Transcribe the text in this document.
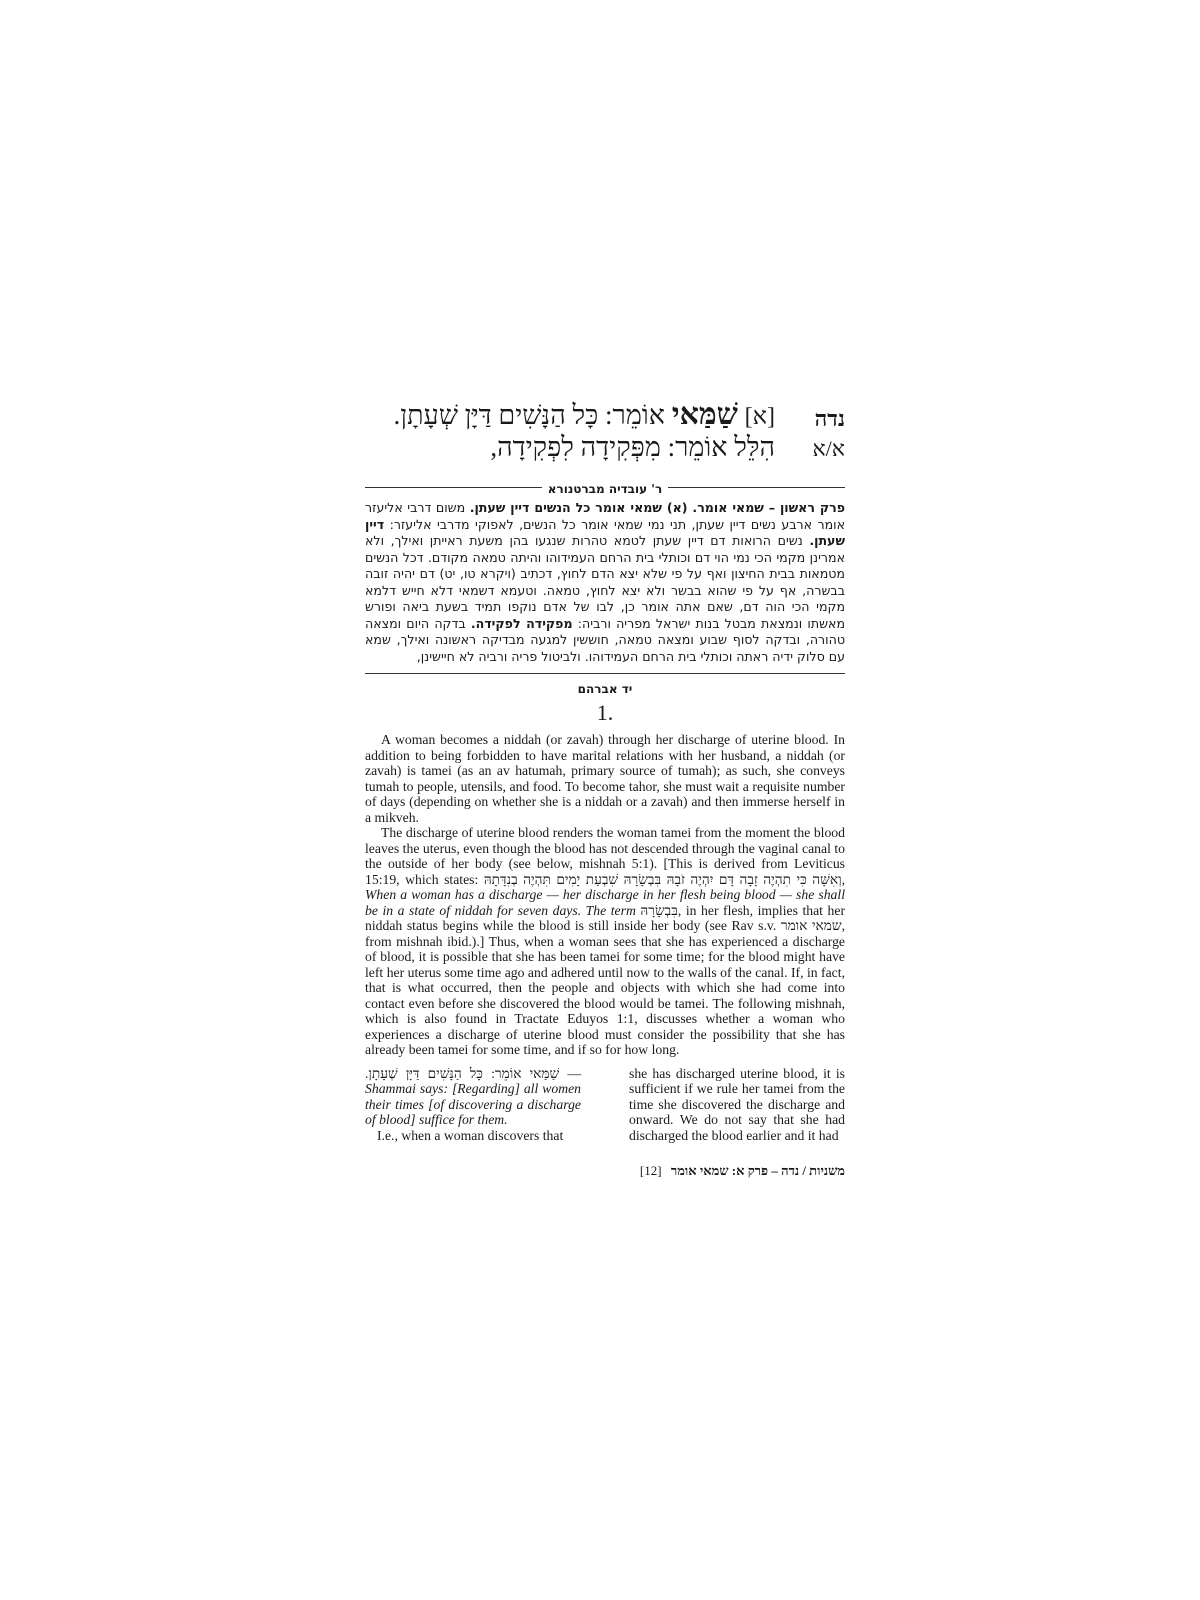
נדה
א/א
[א] שַׁמַּאי אוֹמֵר: כָּל הַנָּשִׁים דַּיָּן שְׁעָתָן.
הִלֵּל אוֹמֵר: מִפְּקִידָה לִפְקִידָה,
ר' עובדיה מברטנורא
פרק ראשון – שמאי אומר. (א) שמאי אומר כל הנשים דיין שעתן. משום דרבי אליעזר אומר ארבע נשים דיין שעתן, תני נמי שמאי אומר כל הנשים, לאפוקי מדרבי אליעזר: דיין שעתן. נשים הרואות דם דיין שעתן לטמא טהרות שנגעו בהן משעת ראייתן ואילך, ולא אמרינן מקמי הכי נמי הוי דם וכותלי בית הרחם העמידוהו והיתה טמאה מקודם. דכל הנשים מטמאות בבית החיצון ואף על פי שלא יצא הדם לחוץ, דכתיב (ויקרא טו, יט) דם יהיה זובה בבשרה, אף על פי שהוא בבשר ולא יצא לחוץ, טמאה. וטעמא דשמאי דלא חייש דלמא מקמי הכי הוה דם, שאם אתה אומר כן, לבו של אדם נוקפו תמיד בשעת ביאה ופורש מאשתו ונמצאת מבטל בנות ישראל מפריה ורביה: מפקידה לפקידה. בדקה היום ומצאה טהורה, ובדקה לסוף שבוע ומצאה טמאה, חוששין למגעה מבדיקה ראשונה ואילך, שמא עם סלוק ידיה ראתה וכותלי בית הרחם העמידוהו. ולביטול פריה ורביה לא חיישינן,
יד אברהם
1.

A woman becomes a niddah (or zavah) through her discharge of uterine blood. In addition to being forbidden to have marital relations with her husband, a niddah (or zavah) is tamei (as an av hatumah, primary source of tumah); as such, she conveys tumah to people, utensils, and food. To become tahor, she must wait a requisite number of days (depending on whether she is a niddah or a zavah) and then immerse herself in a mikveh.

The discharge of uterine blood renders the woman tamei from the moment the blood leaves the uterus, even though the blood has not descended through the vaginal canal to the outside of her body (see below, mishnah 5:1). [This is derived from Leviticus 15:19, which states: וְאִשָּׁה כִּי תִהְיֶה זָבָה דָּם יִהְיֶה זֹבָהּ בִּבְשָׂרָהּ שִׁבְעַת יָמִים תִּהְיֶה בְנִדָּתָהּ, When a woman has a discharge — her discharge in her flesh being blood — she shall be in a state of niddah for seven days. The term בִּבְשָׂרָהּ, in her flesh, implies that her niddah status begins while the blood is still inside her body (see Rav s.v. שמאי אומר, from mishnah ibid.).] Thus, when a woman sees that she has experienced a discharge of blood, it is possible that she has been tamei for some time; for the blood might have left her uterus some time ago and adhered until now to the walls of the canal. If, in fact, that is what occurred, then the people and objects with which she had come into contact even before she discovered the blood would be tamei. The following mishnah, which is also found in Tractate Eduyos 1:1, discusses whether a woman who experiences a discharge of uterine blood must consider the possibility that she has already been tamei for some time, and if so for how long.

שַׁמַּאי אוֹמֵר: כָּל הַנָּשִׁים דַּיָּן שְׁעָתָן. — Shammai says: [Regarding] all women their times [of discovering a discharge of blood] suffice for them.
I.e., when a woman discovers that
she has discharged uterine blood, it is sufficient if we rule her tamei from the time she discovered the discharge and onward. We do not say that she had discharged the blood earlier and it had
[12] משניות / נדה – פרק א: שמאי אומר
